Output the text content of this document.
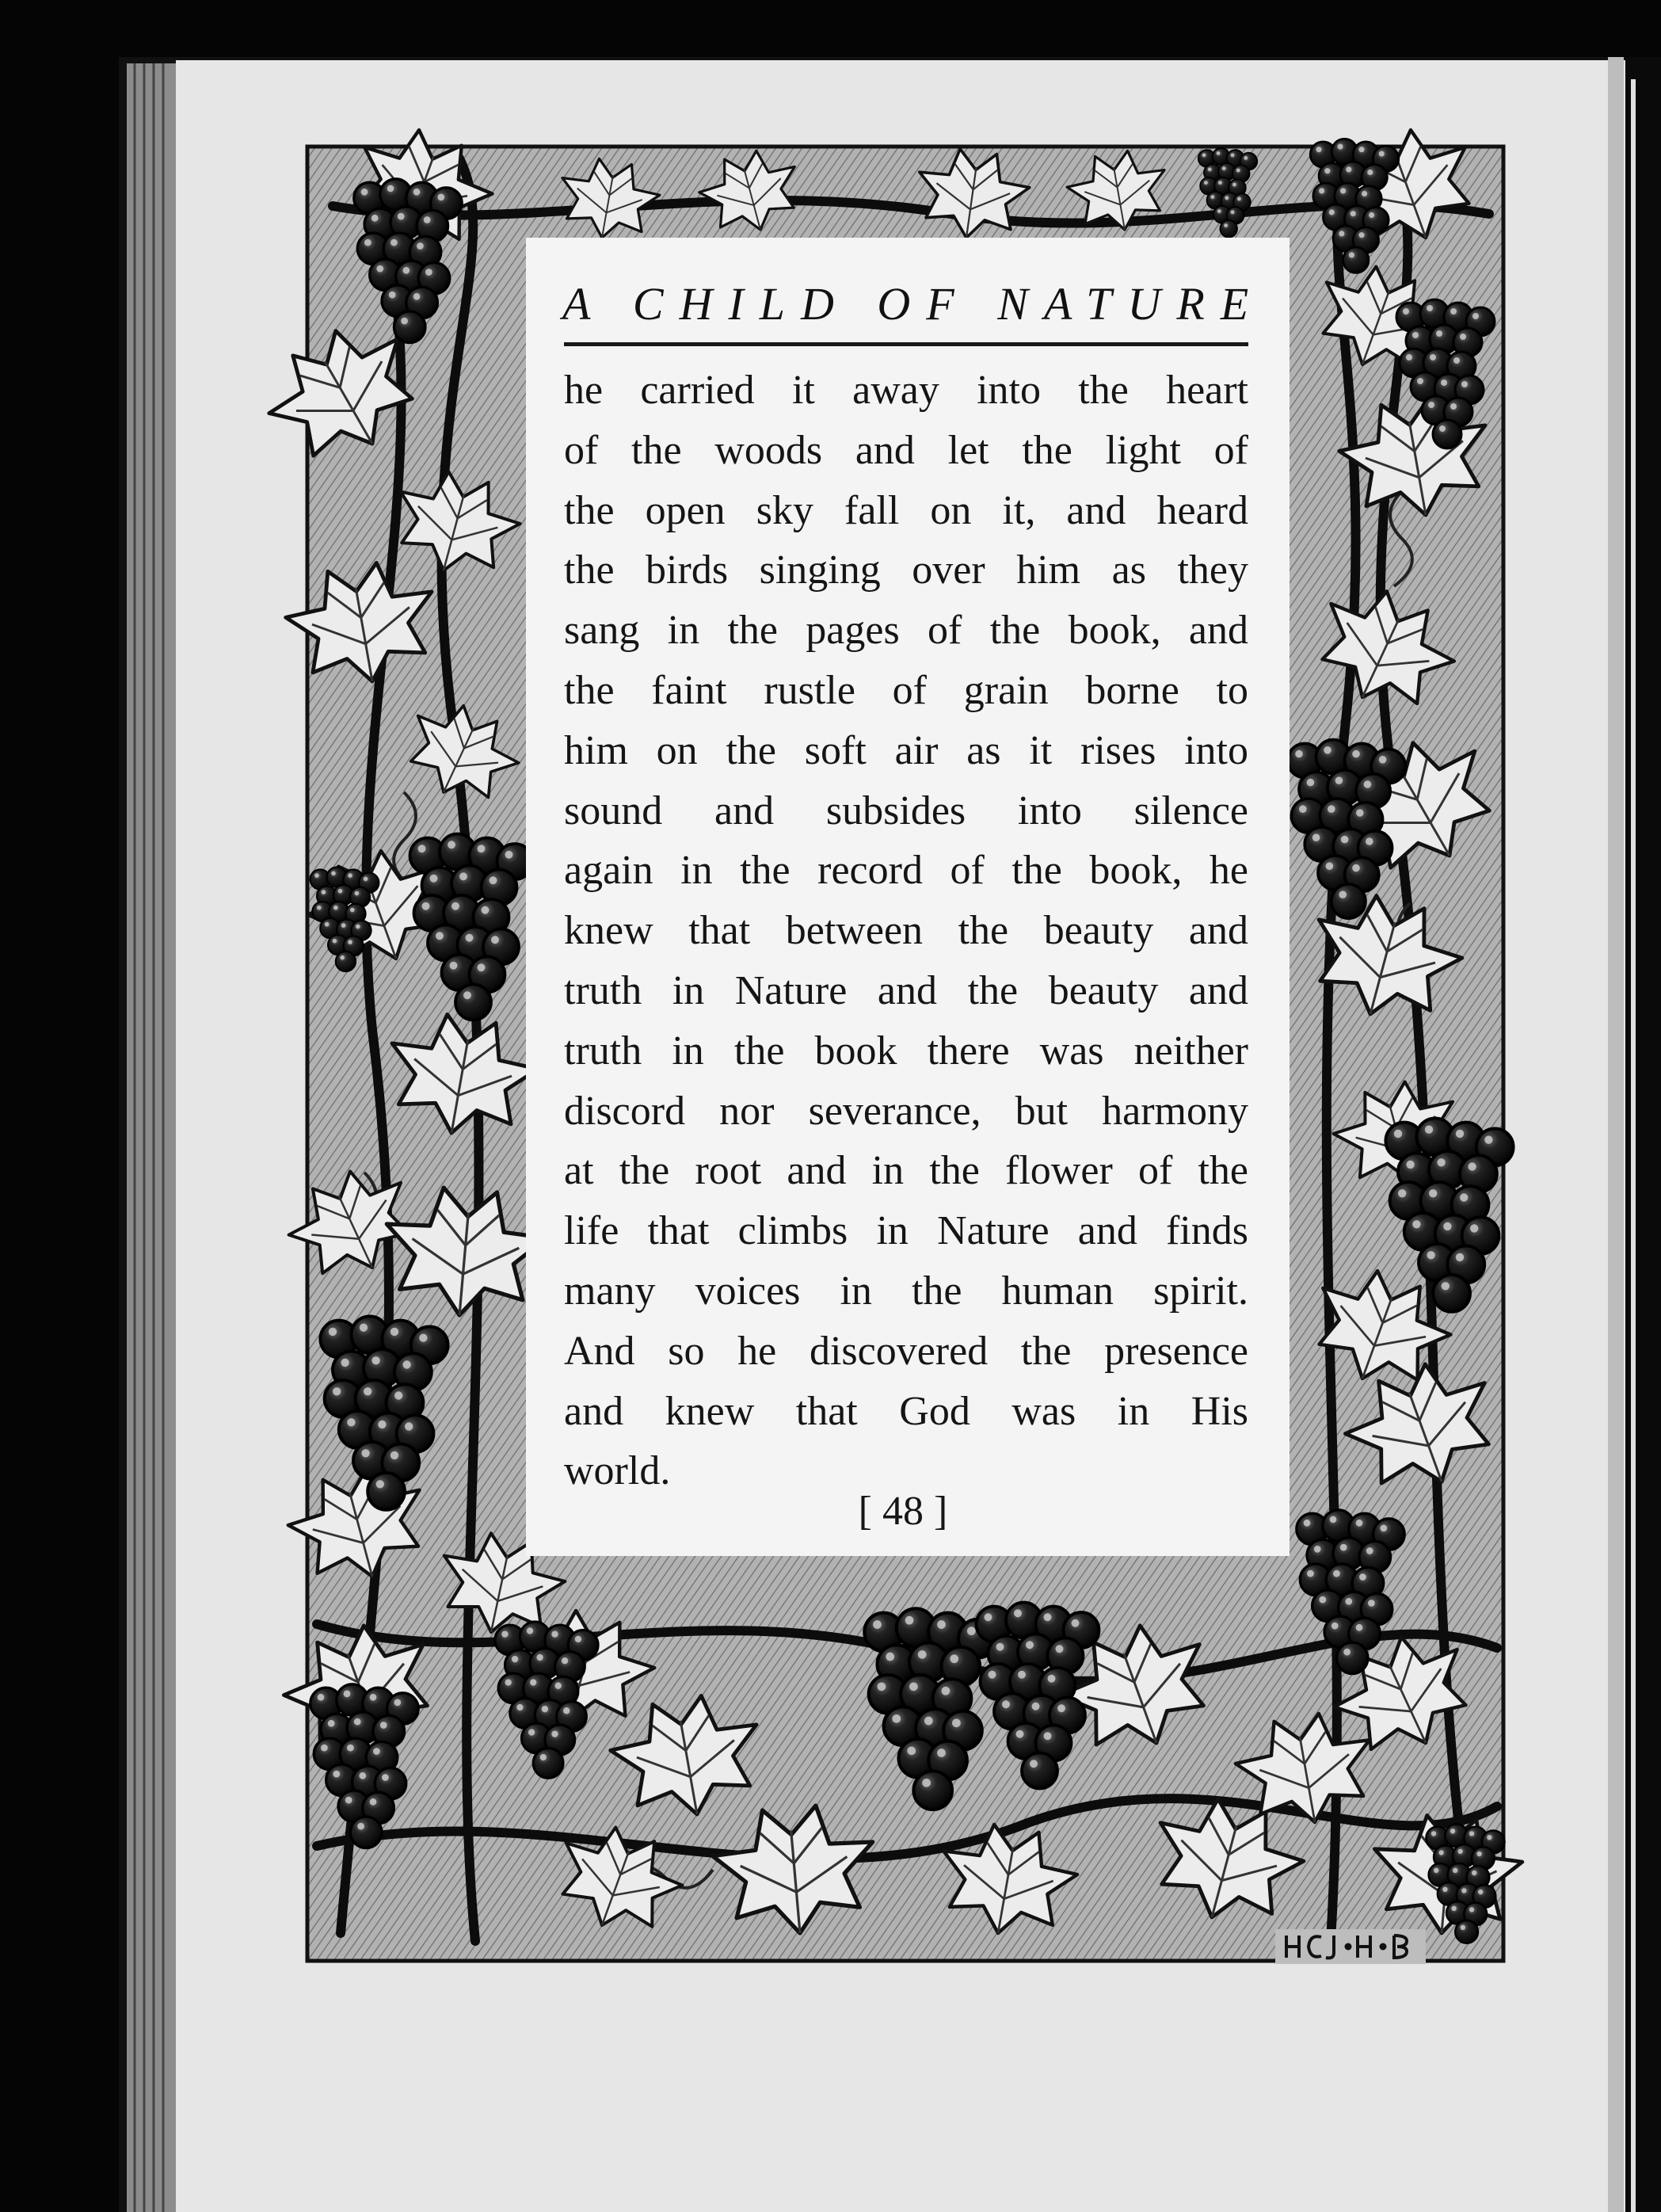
A CHILD OF NATURE
he carried it away into the heart
of the woods and let the light of
the open sky fall on it, and heard
the birds singing over him as they
sang in the pages of the book, and
the faint rustle of grain borne to
him on the soft air as it rises into
sound and subsides into silence
again in the record of the book, he
knew that between the beauty and
truth in Nature and the beauty and
truth in the book there was neither
discord nor severance, but harmony
at the root and in the flower of the
life that climbs in Nature and finds
many voices in the human spirit.
And so he discovered the presence
and knew that God was in His
world.
[ 48 ]
